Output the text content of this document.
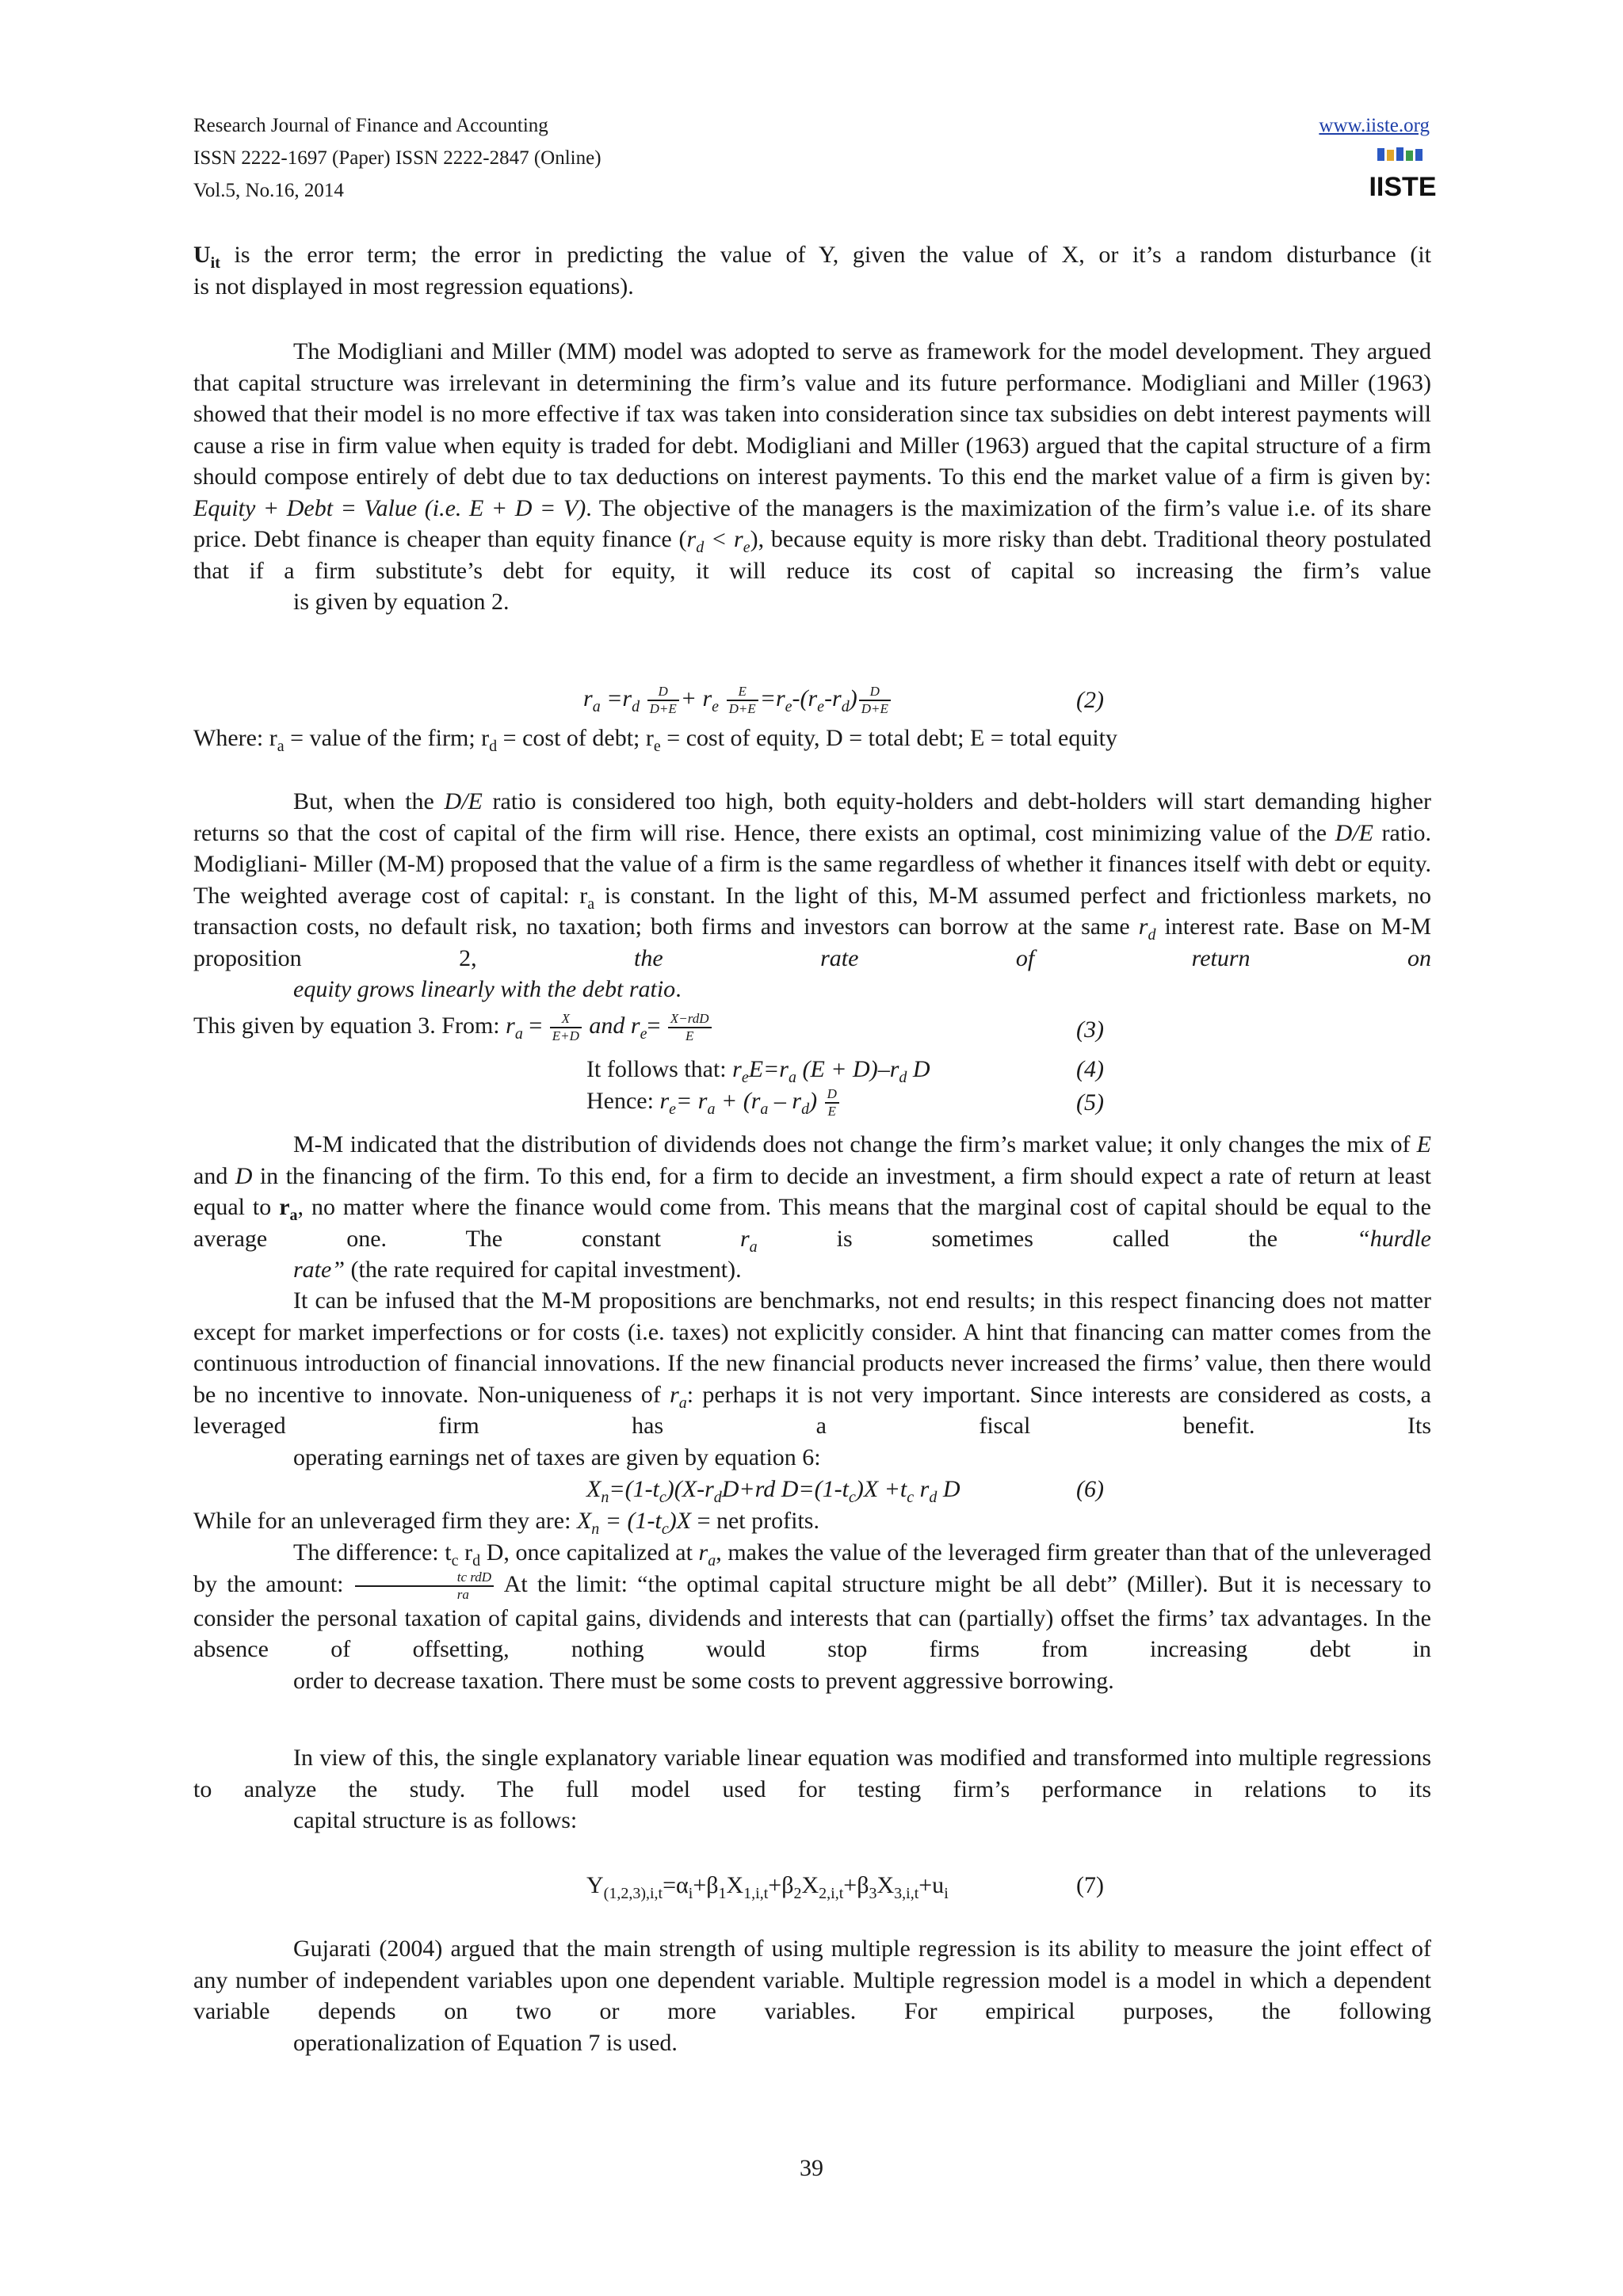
Research Journal of Finance and Accounting
ISSN 2222-1697 (Paper) ISSN 2222-2847 (Online)
Vol.5, No.16, 2014
www.iiste.org
IISTE

$U_{it}$ is the error term; the error in predicting the value of Y, given the value of X, or it’s a random disturbance (it
is not displayed in most regression equations).

The Modigliani and Miller (MM) model was adopted to serve as framework for the model development. They argued that capital structure was irrelevant in determining the firm’s value and its future performance. Modigliani and Miller (1963) showed that their model is no more effective if tax was taken into consideration since tax subsidies on debt interest payments will cause a rise in firm value when equity is traded for debt. Modigliani and Miller (1963) argued that the capital structure of a firm should compose entirely of debt due to tax deductions on interest payments. To this end the market value of a firm is given by: Equity + Debt = Value (i.e. E + D = V). The objective of the managers is the maximization of the firm’s value i.e. of its share price. Debt finance is cheaper than equity finance $(r_d < r_e)$, because equity is more risky than debt. Traditional theory postulated that if a firm substitute’s debt for equity, it will reduce its cost of capital so increasing the firm’s value
is given by equation 2.

$r_a =r_d \frac{D}{D+E} + r_e \frac{E}{D+E} =r_e-(r_e-r_d) \frac{D}{D+E}$	(2)
Where: $r_a$ = value of the firm; $r_d = \cos t$ of debt; $r_e = \cos t$ of equity, D = total debt; E = total equity

But, when the D/E ratio is considered too high, both equity-holders and debt-holders will start demanding higher returns so that the cost of capital of the firm will rise. Hence, there exists an optimal, cost minimizing value of the D/E ratio. Modigliani- Miller (M-M) proposed that the value of a firm is the same regardless of whether it finances itself with debt or equity. The weighted average cost of capital: $r_a$ is constant. In the light of this, M-M assumed perfect and frictionless markets, no transaction costs, no default risk, no taxation; both firms and investors can borrow at the same $r_d$ interest rate. Base on M-M proposition 2, the rate of return on
equity grows linearly with the debt ratio.

This given by equation 3. From: $r_a = \frac{X}{E+D}$ and $r_e= \frac{\text{X−rdD}}{E}$	(3)
It follows that: $r_eE=r_a$ $(E + D)-r_d$ D	(4)
Hence: $r_e= r_a + (r_a - r_d) \frac{D}{E}$	(5)

M-M indicated that the distribution of dividends does not change the firm’s market value; it only changes the mix of E and D in the financing of the firm. To this end, for a firm to decide an investment, a firm should expect a rate of return at least equal to $r_a$, no matter where the finance would come from. This means that the marginal cost of capital should be equal to the average one. The constant $r_a$ is sometimes called the “hurdle
rate” (the rate required for capital investment).

It can be infused that the M-M propositions are benchmarks, not end results; in this respect financing does not matter except for market imperfections or for costs (i.e. taxes) not explicitly consider. A hint that financing can matter comes from the continuous introduction of financial innovations. If the new financial products never increased the firms’ value, then there would be no incentive to innovate. Non-uniqueness of $r_a$: perhaps it is not very important. Since interests are considered as costs, a leveraged firm has a fiscal benefit. Its
operating earnings net of taxes are given by equation 6:

$X_n=(1-t_c)(X-r_dD+rd$ $D=(1-t_c)X +t_c$ $r_d$ D	(6)
While for an unleveraged firm they are: $X_n = (1-t_c)X$ = net profits.

The difference: $t_c$ $r_d$ D, once capitalized at $r_a$, makes the value of the leveraged firm greater than that of the unleveraged by the amount: $\frac{\text{tc rdD}}{ra}$ At the limit: “the optimal capital structure might be all debt” (Miller). But it is necessary to consider the personal taxation of capital gains, dividends and interests that can (partially) offset the firms’ tax advantages. In the absence of offsetting, nothing would stop firms from increasing debt in
order to decrease taxation. There must be some costs to prevent aggressive borrowing.

In view of this, the single explanatory variable linear equation was modified and transformed into multiple regressions to analyze the study. The full model used for testing firm’s performance in relations to its
capital structure is as follows:

$Y_{(1,2,3),i,t}=\alpha_i+\beta_1X_{1,i,t}+\beta_2X_{2,i,t}+\beta_3X_{3,i,t}+u_i$	(7)

Gujarati (2004) argued that the main strength of using multiple regression is its ability to measure the joint effect of any number of independent variables upon one dependent variable. Multiple regression model is a model in which a dependent variable depends on two or more variables. For empirical purposes, the following
operationalization of Equation 7 is used.

39
